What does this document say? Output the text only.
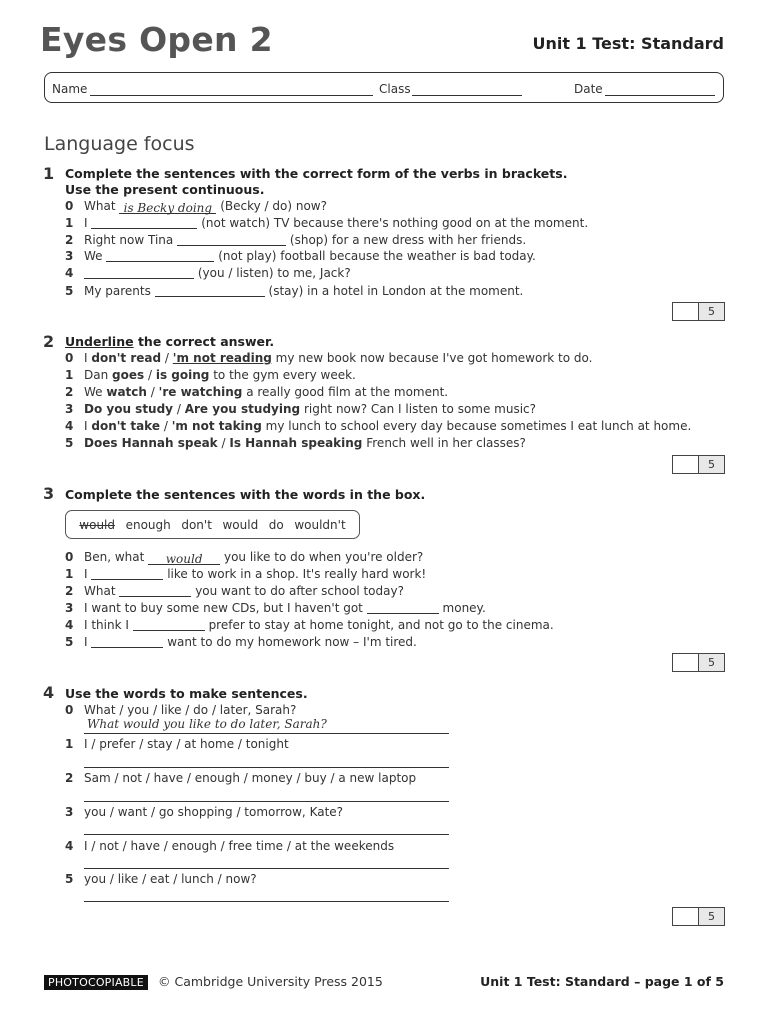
Eyes Open 2	Unit 1 Test: Standard
Name	Class	Date
Language focus
1 Complete the sentences with the correct form of the verbs in brackets.
Use the present continuous.
0 What is Becky doing (Becky / do) now?
1 I	(not watch) TV because there's nothing good on at the moment.
2 Right now Tina	(shop) for a new dress with her friends.
3 We	(not play) football because the weather is bad today.
4	(you / listen) to me, Jack?
5 My parents	(stay) in a hotel in London at the moment.
5
2 Underline the correct answer.
0 I don't read / 'm not reading my new book now because I've got homework to do.
1 Dan goes / is going to the gym every week.
2 We watch / 're watching a really good film at the moment.
3 Do you study / Are you studying right now? Can I listen to some music?
4 I don't take / 'm not taking my lunch to school every day because sometimes I eat lunch at home.
5 Does Hannah speak / Is Hannah speaking French well in her classes?
5
3 Complete the sentences with the words in the box.
would enough don't would do wouldn't
0 Ben, what would you like to do when you're older?
1 I	like to work in a shop. It's really hard work!
2 What	you want to do after school today?
3 I want to buy some new CDs, but I haven't got	money.
4 I think I	prefer to stay at home tonight, and not go to the cinema.
5 I	want to do my homework now – I'm tired.
5
4 Use the words to make sentences.
0 What / you / like / do / later, Sarah?
What would you like to do later, Sarah?
1 I / prefer / stay / at home / tonight
2 Sam / not / have / enough / money / buy / a new laptop
3 you / want / go shopping / tomorrow, Kate?
4 I / not / have / enough / free time / at the weekends
5 you / like / eat / lunch / now?
5
PHOTOCOPIABLE	© Cambridge University Press 2015	Unit 1 Test: Standard – page 1 of 5
